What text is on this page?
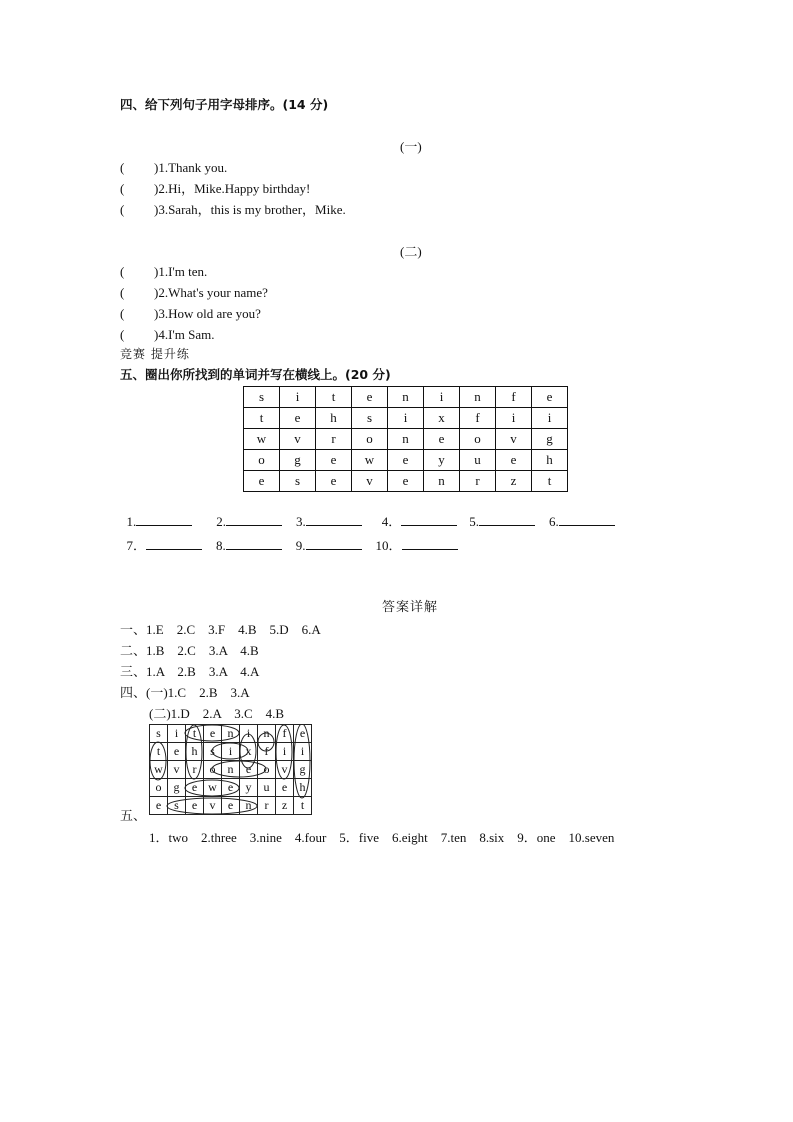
四、给下列句子用字母排序。(14 分)
(一)
( )1.Thank you.
( )2.Hi，Mike.Happy birthday!
( )3.Sarah，this is my brother，Mike.
(二)
( )1.I'm ten.
( )2.What's your name?
( )3.How old are you?
( )4.I'm Sam.
竞赛 提升练
五、圈出你所找到的单词并写在横线上。(20 分)
s	i	t	e	n	i	n	f	e
t	e	h	s	i	x	f	i	i
w	v	r	o	n	e	o	v	g
o	g	e	w	e	y	u	e	h
e	s	e	v	e	n	r	z	t

1.	2.	3.	4．	5.	6.

7．	8.	9.	10．

答案详解
一、1.E    2.C    3.F    4.B    5.D    6.A
二、1.B    2.C    3.A    4.B
三、1.A    2.B    3.A    4.A
四、(一)1.C    2.B    3.A
(二)1.D    2.A    3.C    4.B
s	i	t	e	n	i	n	f	e
t	e	h	s	i	x	f	i	i
w	v	r	o	n	e	o	v	g
o	g	e	w	e	y	u	e	h
e	s	e	v	e	n	r	z	t
五、
1．two    2.three    3.nine    4.four    5．five    6.eight    7.ten    8.six    9．one    10.seven
